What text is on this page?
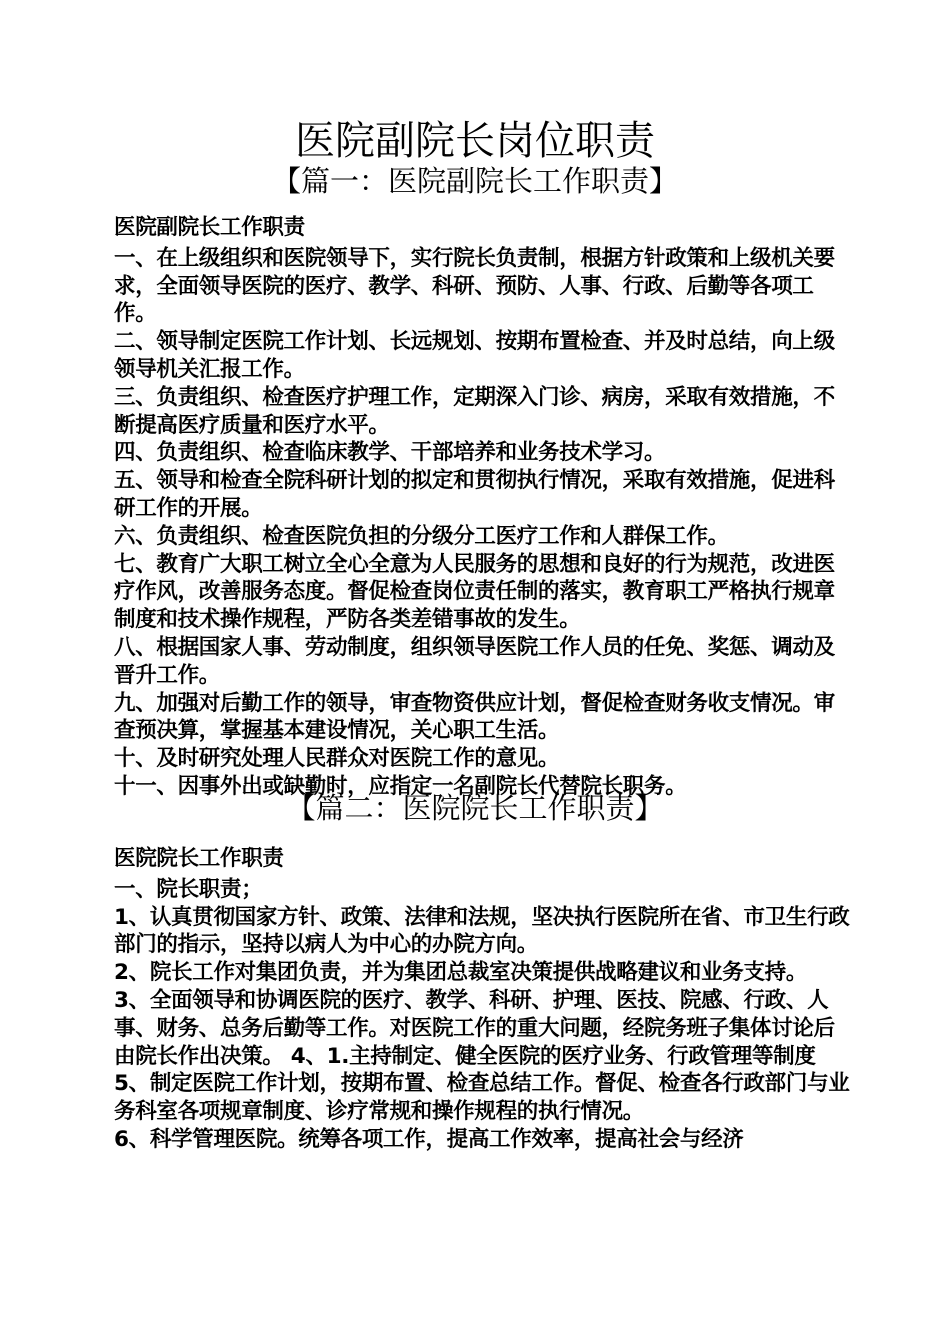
医院副院长岗位职责
【篇一：医院副院长工作职责】
医院副院长工作职责
一、在上级组织和医院领导下，实行院长负责制，根据方针政策和上级机关要求，全面领导医院的医疗、教学、科研、预防、人事、行政、后勤等各项工作。
二、领导制定医院工作计划、长远规划、按期布置检查、并及时总结，向上级领导机关汇报工作。
三、负责组织、检查医疗护理工作，定期深入门诊、病房，采取有效措施，不断提高医疗质量和医疗水平。
四、负责组织、检查临床教学、干部培养和业务技术学习。
五、领导和检查全院科研计划的拟定和贯彻执行情况，采取有效措施，促进科研工作的开展。
六、负责组织、检查医院负担的分级分工医疗工作和人群保工作。
七、教育广大职工树立全心全意为人民服务的思想和良好的行为规范，改进医疗作风，改善服务态度。督促检查岗位责任制的落实，教育职工严格执行规章制度和技术操作规程，严防各类差错事故的发生。
八、根据国家人事、劳动制度，组织领导医院工作人员的任免、奖惩、调动及晋升工作。
九、加强对后勤工作的领导，审查物资供应计划，督促检查财务收支情况。审查预决算，掌握基本建设情况，关心职工生活。
十、及时研究处理人民群众对医院工作的意见。
十一、因事外出或缺勤时，应指定一名副院长代替院长职务。
【篇二：医院院长工作职责】
医院院长工作职责
一、院长职责；
1、认真贯彻国家方针、政策、法律和法规，坚决执行医院所在省、市卫生行政部门的指示，坚持以病人为中心的办院方向。
2、院长工作对集团负责，并为集团总裁室决策提供战略建议和业务支持。
3、全面领导和协调医院的医疗、教学、科研、护理、医技、院感、行政、人事、财务、总务后勤等工作。对医院工作的重大问题，经院务班子集体讨论后由院长作出决策。 4、1.主持制定、健全医院的医疗业务、行政管理等制度
5、制定医院工作计划，按期布置、检查总结工作。督促、检查各行政部门与业务科室各项规章制度、诊疗常规和操作规程的执行情况。
6、科学管理医院。统筹各项工作，提高工作效率，提高社会与经济
